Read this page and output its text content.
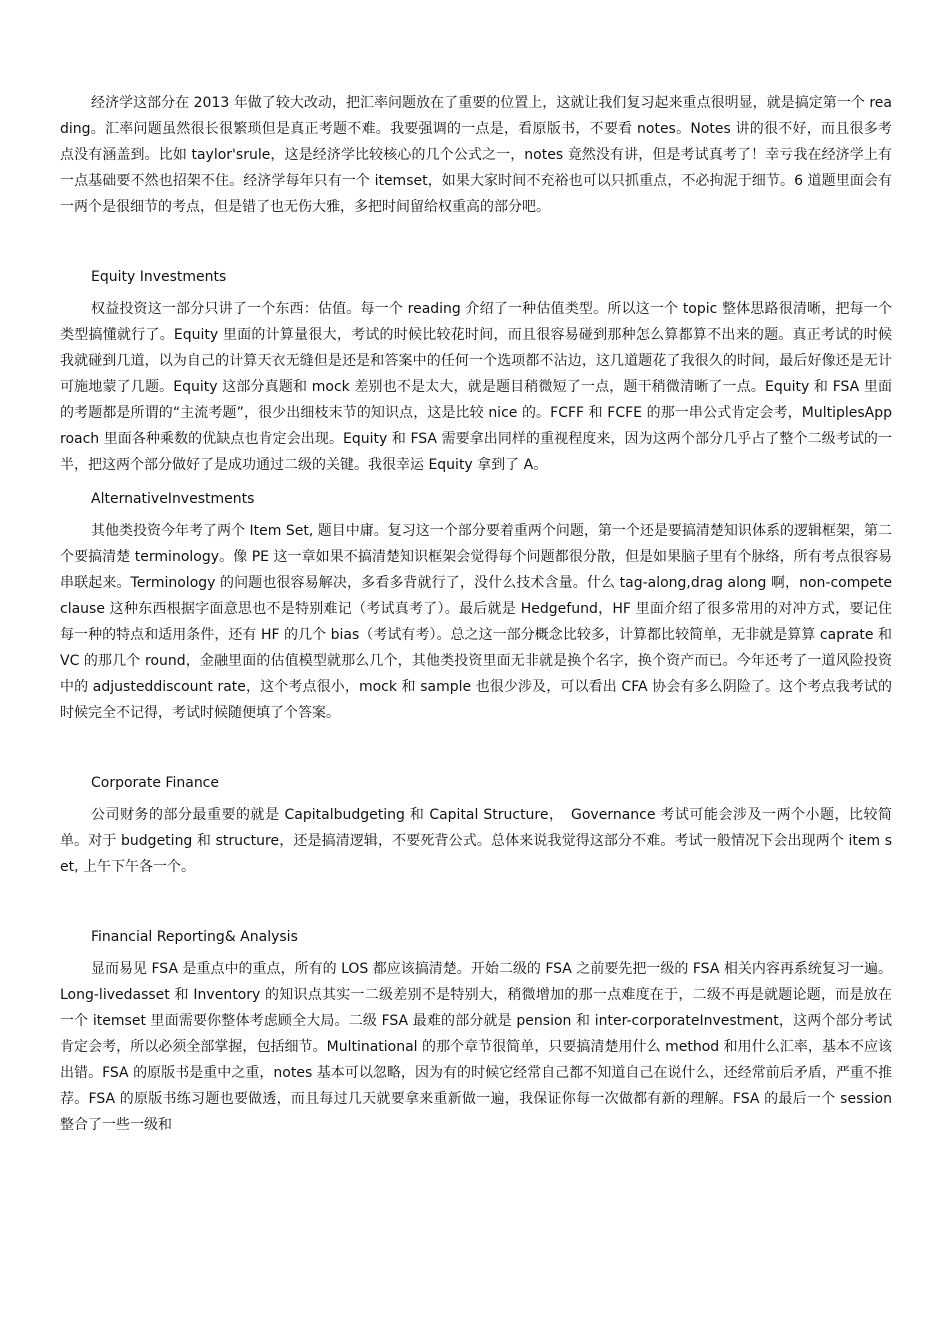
经济学这部分在 2013 年做了较大改动，把汇率问题放在了重要的位置上，这就让我们复习起来重点很明显，就是搞定第一个 reading。汇率问题虽然很长很繁琐但是真正考题不难。我要强调的一点是，看原版书，不要看 notes。Notes 讲的很不好，而且很多考点没有涵盖到。比如 taylor'srule，这是经济学比较核心的几个公式之一，notes 竟然没有讲，但是考试真考了！幸亏我在经济学上有一点基础要不然也招架不住。经济学每年只有一个 itemset，如果大家时间不充裕也可以只抓重点，不必拘泥于细节。6 道题里面会有一两个是很细节的考点，但是错了也无伤大雅，多把时间留给权重高的部分吧。

Equity Investments

权益投资这一部分只讲了一个东西：估值。每一个 reading 介绍了一种估值类型。所以这一个 topic 整体思路很清晰，把每一个类型搞懂就行了。Equity 里面的计算量很大，考试的时候比较花时间，而且很容易碰到那种怎么算都算不出来的题。真正考试的时候我就碰到几道，以为自己的计算天衣无缝但是还是和答案中的任何一个选项都不沾边，这几道题花了我很久的时间，最后好像还是无计可施地蒙了几题。Equity 这部分真题和 mock 差别也不是太大，就是题目稍微短了一点，题干稍微清晰了一点。Equity 和 FSA 里面的考题都是所谓的“主流考题”，很少出细枝末节的知识点，这是比较 nice 的。FCFF 和 FCFE 的那一串公式肯定会考，MultiplesApproach 里面各种乘数的优缺点也肯定会出现。Equity 和 FSA 需要拿出同样的重视程度来，因为这两个部分几乎占了整个二级考试的一半，把这两个部分做好了是成功通过二级的关键。我很幸运 Equity 拿到了 A。

AlternativeInvestments

其他类投资今年考了两个 Item Set, 题目中庸。复习这一个部分要着重两个问题，第一个还是要搞清楚知识体系的逻辑框架，第二个要搞清楚 terminology。像 PE 这一章如果不搞清楚知识框架会觉得每个问题都很分散，但是如果脑子里有个脉络，所有考点很容易串联起来。Terminology 的问题也很容易解决，多看多背就行了，没什么技术含量。什么 tag-along,drag along 啊，non-compete clause 这种东西根据字面意思也不是特别难记（考试真考了）。最后就是 Hedgefund，HF 里面介绍了很多常用的对冲方式，要记住每一种的特点和适用条件，还有 HF 的几个 bias（考试有考）。总之这一部分概念比较多，计算都比较简单，无非就是算算 caprate 和 VC 的那几个 round，金融里面的估值模型就那么几个，其他类投资里面无非就是换个名字，换个资产而已。今年还考了一道风险投资中的 adjusteddiscount rate，这个考点很小，mock 和 sample 也很少涉及，可以看出 CFA 协会有多么阴险了。这个考点我考试的时候完全不记得，考试时候随便填了个答案。

Corporate Finance

公司财务的部分最重要的就是 Capitalbudgeting 和 Capital Structure，　Governance 考试可能会涉及一两个小题，比较简单。对于 budgeting 和 structure，还是搞清逻辑，不要死背公式。总体来说我觉得这部分不难。考试一般情况下会出现两个 item set, 上午下午各一个。

Financial Reporting& Analysis

显而易见 FSA 是重点中的重点，所有的 LOS 都应该搞清楚。开始二级的 FSA 之前要先把一级的 FSA 相关内容再系统复习一遍。Long-livedasset 和 Inventory 的知识点其实一二级差别不是特别大，稍微增加的那一点难度在于，二级不再是就题论题，而是放在一个 itemset 里面需要你整体考虑顾全大局。二级 FSA 最难的部分就是 pension 和 inter-corporateInvestment，这两个部分考试肯定会考，所以必须全部掌握，包括细节。Multinational 的那个章节很简单，只要搞清楚用什么 method 和用什么汇率，基本不应该出错。FSA 的原版书是重中之重，notes 基本可以忽略，因为有的时候它经常自己都不知道自己在说什么，还经常前后矛盾，严重不推荐。FSA 的原版书练习题也要做透，而且每过几天就要拿来重新做一遍，我保证你每一次做都有新的理解。FSA 的最后一个 session 整合了一些一级和
